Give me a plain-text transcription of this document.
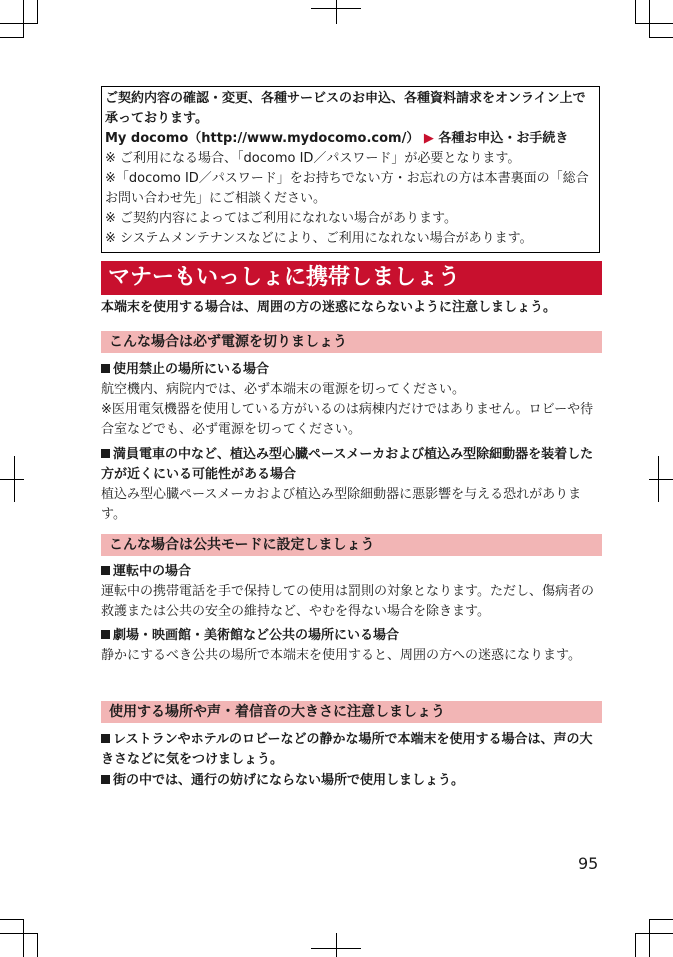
ご契約内容の確認・変更、各種サービスのお申込、各種資料請求をオンライン上で承っております。
My docomo（http://www.mydocomo.com/） ▶ 各種お申込・お手続き
※ ご利用になる場合、「docomo ID／パスワード」が必要となります。
※「docomo ID／パスワード」をお持ちでない方・お忘れの方は本書裏面の「総合お問い合わせ先」にご相談ください。
※ ご契約内容によってはご利用になれない場合があります。
※ システムメンテナンスなどにより、ご利用になれない場合があります。
マナーもいっしょに携帯しましょう
本端末を使用する場合は、周囲の方の迷惑にならないように注意しましょう。
こんな場合は必ず電源を切りましょう
使用禁止の場所にいる場合
航空機内、病院内では、必ず本端末の電源を切ってください。
※医用電気機器を使用している方がいるのは病棟内だけではありません。ロビーや待合室などでも、必ず電源を切ってください。
満員電車の中など、植込み型心臓ペースメーカおよび植込み型除細動器を装着した方が近くにいる可能性がある場合
植込み型心臓ペースメーカおよび植込み型除細動器に悪影響を与える恐れがあります。
こんな場合は公共モードに設定しましょう
運転中の場合
運転中の携帯電話を手で保持しての使用は罰則の対象となります。ただし、傷病者の救護または公共の安全の維持など、やむを得ない場合を除きます。
劇場・映画館・美術館など公共の場所にいる場合
静かにするべき公共の場所で本端末を使用すると、周囲の方への迷惑になります。
使用する場所や声・着信音の大きさに注意しましょう
レストランやホテルのロビーなどの静かな場所で本端末を使用する場合は、声の大きさなどに気をつけましょう。
街の中では、通行の妨げにならない場所で使用しましょう。
95
